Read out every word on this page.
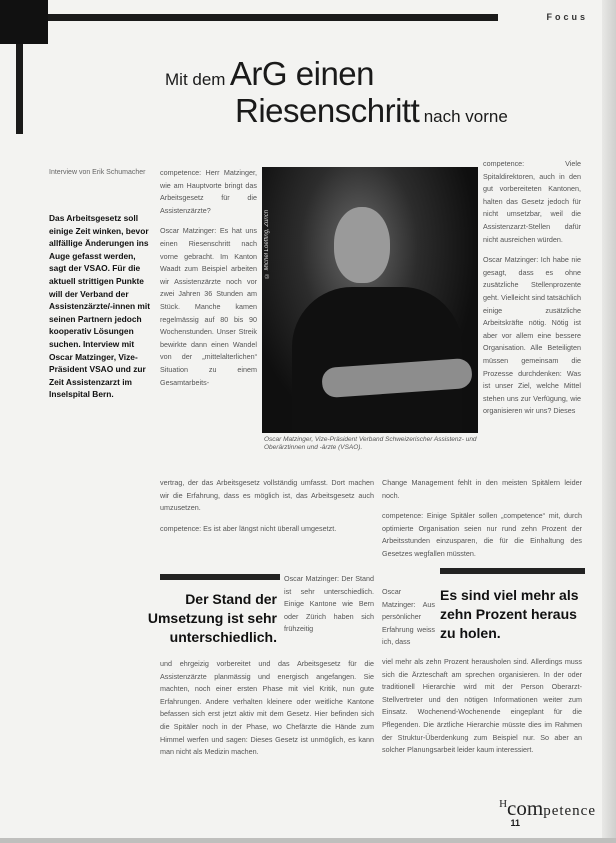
Focus
Mit dem ArG einen
Riesenschritt nach vorne
Interview von Erik Schumacher
Das Arbeitsgesetz soll einige Zeit winken, bevor allfällige Änderungen ins Auge gefasst werden, sagt der VSAO. Für die aktuell strittigen Punkte will der Verband der Assistenzärzte/-innen mit seinen Partnern jedoch kooperativ Lösungen suchen. Interview mit Oscar Matzinger, Vize-Präsident VSAO und zur Zeit Assistenzarzt im Inselspital Bern.

competence: Herr Matzinger, wie am Hauptvorte bringt das Arbeitsgesetz für die Assistenzärzte?

Oscar Matzinger: Es hat uns einen Riesenschritt nach vorne gebracht. Im Kanton Waadt zum Beispiel arbeiten wir Assistenzärzte noch vor zwei Jahren 36 Stunden am Stück. Manche kamen regelmässig auf 80 bis 90 Wochenstunden. Unser Streik bewirkte dann einen Wandel von der „mittelalterlichen“ Situation zu einem Gesamtarbeits-

© Michel Loeffing, Zürich
Oscar Matzinger, Vize-Präsident Verband Schweizerischer Assistenz- und Oberärztinnen und -ärzte (VSAO).

competence: Viele Spitaldirektoren, auch in den gut vorbereiteten Kantonen, halten das Gesetz jedoch für nicht umsetzbar, weil die Assistenzarzt-Stellen dafür nicht ausreichen würden.

Oscar Matzinger: Ich habe nie gesagt, dass es ohne zusätzliche Stellenprozente geht. Vielleicht sind tatsächlich einige zusätzliche Arbeitskräfte nötig. Nötig ist aber vor allem eine bessere Organisation. Alle Beteiligten müssen gemeinsam die Prozesse durchdenken: Was ist unser Ziel, welche Mittel stehen uns zur Verfügung, wie organisieren wir uns? Dieses

vertrag, der das Arbeitsgesetz vollständig umfasst. Dort machen wir die Erfahrung, dass es möglich ist, das Arbeitsgesetz auch umzusetzen.

competence: Es ist aber längst nicht überall umgesetzt.

Change Management fehlt in den meisten Spitälern leider noch.

competence: Einige Spitäler sollen „competence“ mit, durch optimierte Organisation seien nur rund zehn Prozent der Arbeitsstunden einzusparen, die für die Einhaltung des Gesetzes wegfallen müssten.

Der Stand der Umsetzung ist sehr unterschiedlich.
Oscar Matzinger: Der Stand ist sehr unterschiedlich. Einige Kantone wie Bern oder Zürich haben sich frühzeitig
und ehrgeizig vorbereitet und das Arbeitsgesetz für die Assistenzärzte planmässig und energisch angefangen. Sie machten, noch einer ersten Phase mit viel Kritik, nun gute Erfahrungen. Andere verhalten kleinere oder weitliche Kantone befassen sich erst jetzt aktiv mit dem Gesetz. Hier befinden sich die Spitäler noch in der Phase, wo Chefärzte die Hände zum Himmel werfen und sagen: Dieses Gesetz ist unmöglich, es kann man nicht als Medizin machen.
Es sind viel mehr als zehn Prozent heraus zu holen.
Oscar Matzinger: Aus persönlicher Erfahrung weiss ich, dass
viel mehr als zehn Prozent herausholen sind. Allerdings muss sich die Ärzteschaft am sprechen organisieren. In der oder traditionell Hierarchie wird mit der Person Oberarzt-Stellvertreter und den nötigen Informationen weiter zum Einsatz. Wochenend-Wochenende eingeplant für die Pflegenden. Die ärztliche Hierarchie müsste dies im Rahmen der Struktur-Überdenkung zum Beispiel nur. So aber an solcher Planungsarbeit leider kaum interessiert.
$^H$competence
11
